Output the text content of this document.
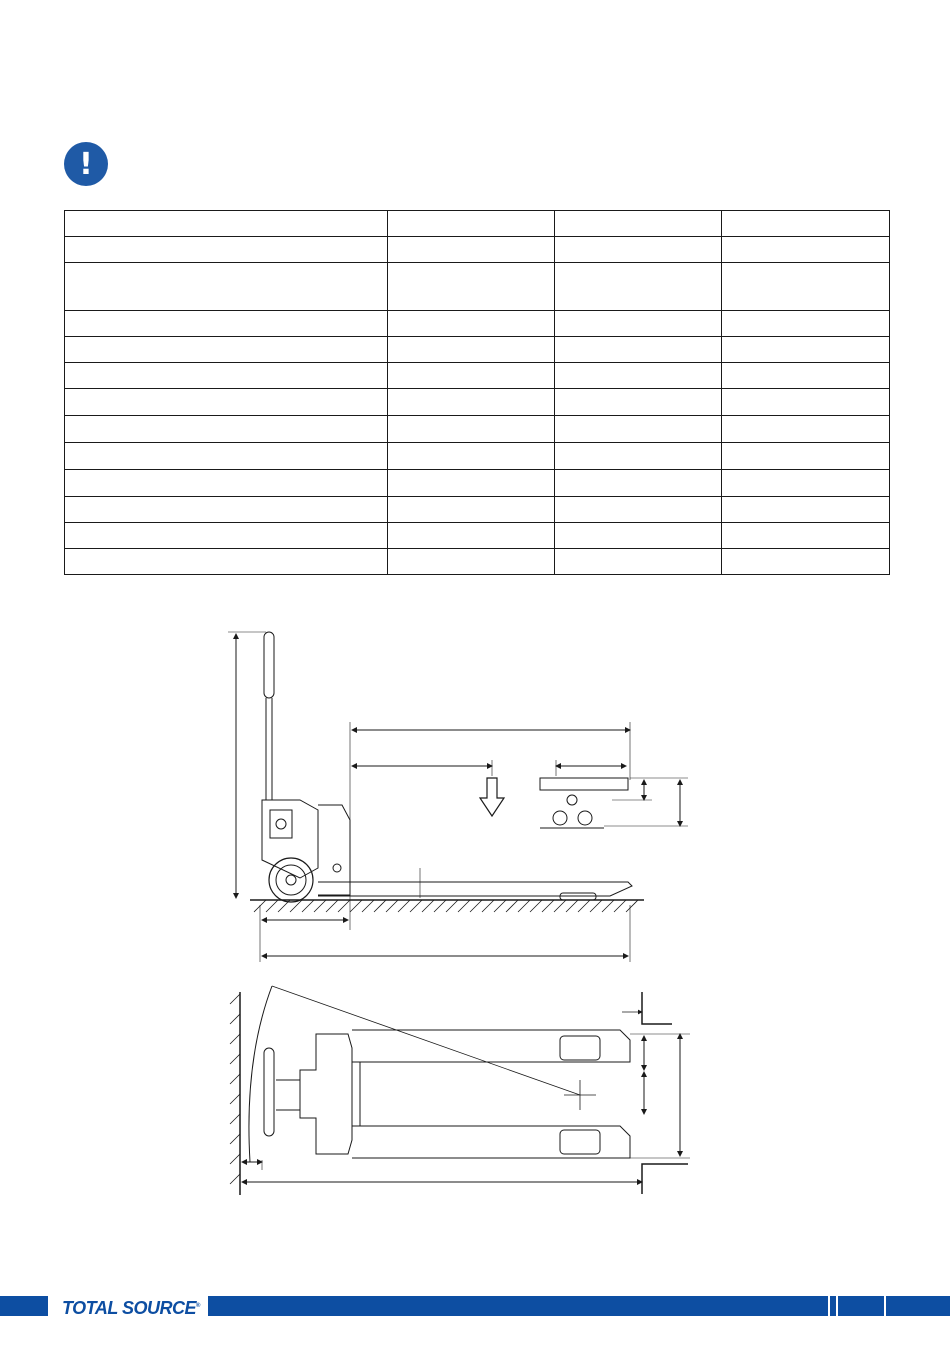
!

TOTAL SOURCE®
